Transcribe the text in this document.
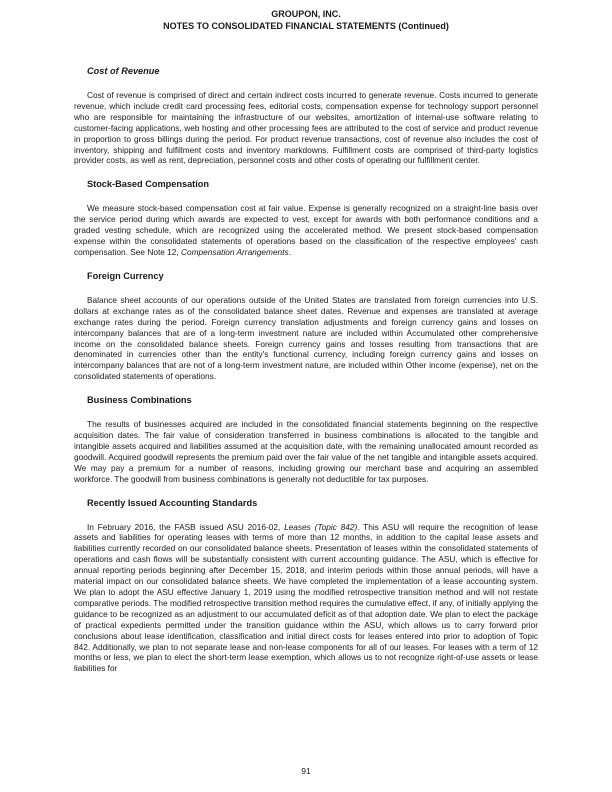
GROUPON, INC.
NOTES TO CONSOLIDATED FINANCIAL STATEMENTS (Continued)
Cost of Revenue

Cost of revenue is comprised of direct and certain indirect costs incurred to generate revenue. Costs incurred to generate revenue, which include credit card processing fees, editorial costs, compensation expense for technology support personnel who are responsible for maintaining the infrastructure of our websites, amortization of internal-use software relating to customer-facing applications, web hosting and other processing fees are attributed to the cost of service and product revenue in proportion to gross billings during the period. For product revenue transactions, cost of revenue also includes the cost of inventory, shipping and fulfillment costs and inventory markdowns. Fulfillment costs are comprised of third-party logistics provider costs, as well as rent, depreciation, personnel costs and other costs of operating our fulfillment center.

Stock-Based Compensation

We measure stock-based compensation cost at fair value. Expense is generally recognized on a straight-line basis over the service period during which awards are expected to vest, except for awards with both performance conditions and a graded vesting schedule, which are recognized using the accelerated method. We present stock-based compensation expense within the consolidated statements of operations based on the classification of the respective employees' cash compensation. See Note 12, Compensation Arrangements.

Foreign Currency

Balance sheet accounts of our operations outside of the United States are translated from foreign currencies into U.S. dollars at exchange rates as of the consolidated balance sheet dates. Revenue and expenses are translated at average exchange rates during the period. Foreign currency translation adjustments and foreign currency gains and losses on intercompany balances that are of a long-term investment nature are included within Accumulated other comprehensive income on the consolidated balance sheets. Foreign currency gains and losses resulting from transactions that are denominated in currencies other than the entity's functional currency, including foreign currency gains and losses on intercompany balances that are not of a long-term investment nature, are included within Other income (expense), net on the consolidated statements of operations.

Business Combinations

The results of businesses acquired are included in the consolidated financial statements beginning on the respective acquisition dates. The fair value of consideration transferred in business combinations is allocated to the tangible and intangible assets acquired and liabilities assumed at the acquisition date, with the remaining unallocated amount recorded as goodwill. Acquired goodwill represents the premium paid over the fair value of the net tangible and intangible assets acquired. We may pay a premium for a number of reasons, including growing our merchant base and acquiring an assembled workforce. The goodwill from business combinations is generally not deductible for tax purposes.

Recently Issued Accounting Standards

In February 2016, the FASB issued ASU 2016-02, Leases (Topic 842). This ASU will require the recognition of lease assets and liabilities for operating leases with terms of more than 12 months, in addition to the capital lease assets and liabilities currently recorded on our consolidated balance sheets. Presentation of leases within the consolidated statements of operations and cash flows will be substantially consistent with current accounting guidance. The ASU, which is effective for annual reporting periods beginning after December 15, 2018, and interim periods within those annual periods, will have a material impact on our consolidated balance sheets. We have completed the implementation of a lease accounting system. We plan to adopt the ASU effective January 1, 2019 using the modified retrospective transition method and will not restate comparative periods. The modified retrospective transition method requires the cumulative effect, if any, of initially applying the guidance to be recognized as an adjustment to our accumulated deficit as of that adoption date. We plan to elect the package of practical expedients permitted under the transition guidance within the ASU, which allows us to carry forward prior conclusions about lease identification, classification and initial direct costs for leases entered into prior to adoption of Topic 842. Additionally, we plan to not separate lease and non-lease components for all of our leases. For leases with a term of 12 months or less, we plan to elect the short-term lease exemption, which allows us to not recognize right-of-use assets or lease liabilities for

91
